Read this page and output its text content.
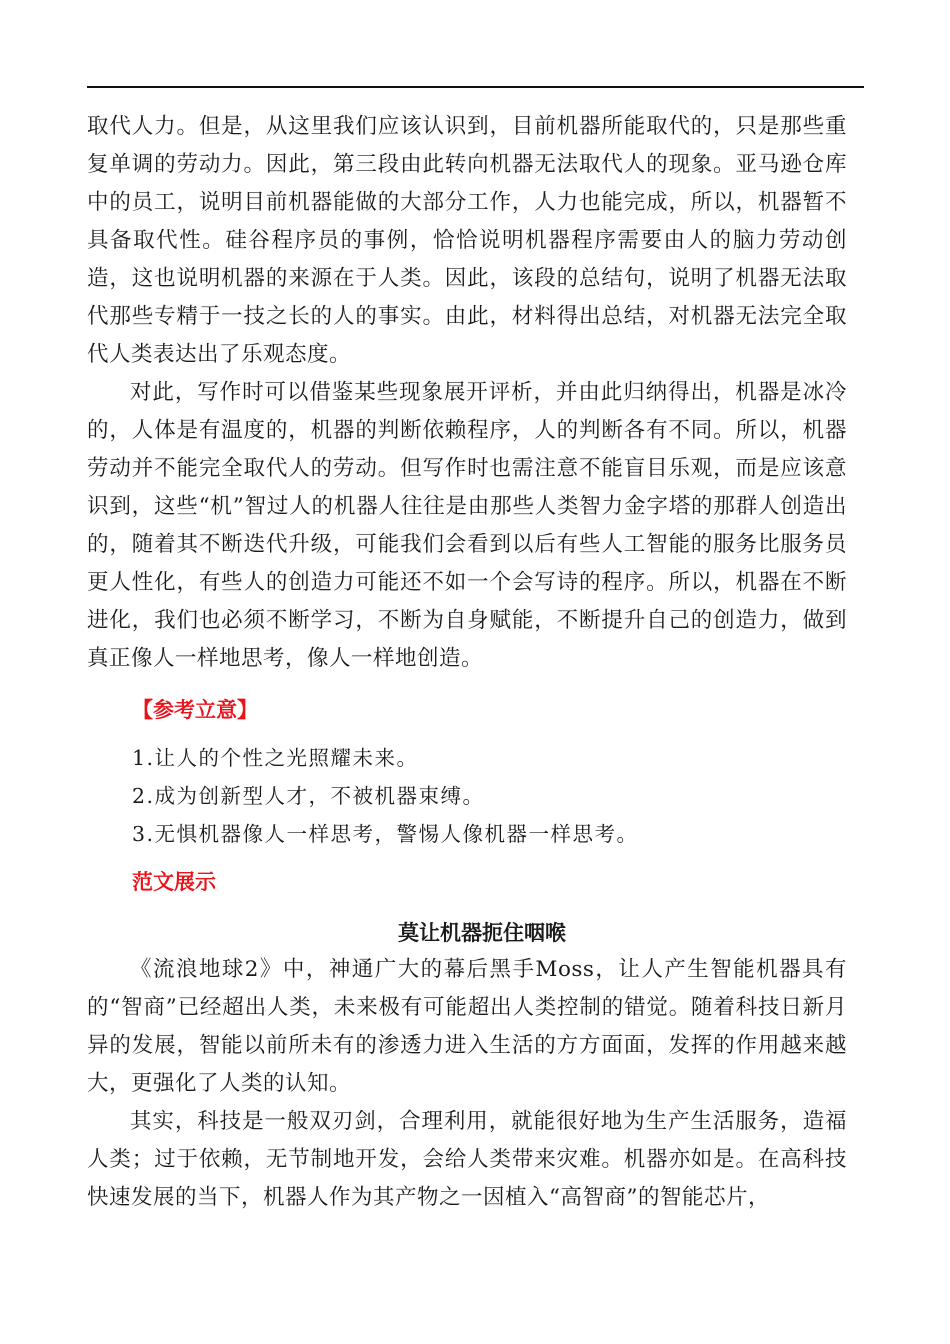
取代人力。但是，从这里我们应该认识到，目前机器所能取代的，只是那些重复单调的劳动力。因此，第三段由此转向机器无法取代人的现象。亚马逊仓库中的员工，说明目前机器能做的大部分工作，人力也能完成，所以，机器暂不具备取代性。硅谷程序员的事例，恰恰说明机器程序需要由人的脑力劳动创造，这也说明机器的来源在于人类。因此，该段的总结句，说明了机器无法取代那些专精于一技之长的人的事实。由此，材料得出总结，对机器无法完全取代人类表达出了乐观态度。

对此，写作时可以借鉴某些现象展开评析，并由此归纳得出，机器是冰冷的，人体是有温度的，机器的判断依赖程序，人的判断各有不同。所以，机器劳动并不能完全取代人的劳动。但写作时也需注意不能盲目乐观，而是应该意识到，这些“机”智过人的机器人往往是由那些人类智力金字塔的那群人创造出的，随着其不断迭代升级，可能我们会看到以后有些人工智能的服务比服务员更人性化，有些人的创造力可能还不如一个会写诗的程序。所以，机器在不断进化，我们也必须不断学习，不断为自身赋能，不断提升自己的创造力，做到真正像人一样地思考，像人一样地创造。

【参考立意】

1.让人的个性之光照耀未来。

2.成为创新型人才，不被机器束缚。

3.无惧机器像人一样思考，警惕人像机器一样思考。

范文展示

莫让机器扼住咽喉

《流浪地球2》中，神通广大的幕后黑手Moss，让人产生智能机器具有的“智商”已经超出人类，未来极有可能超出人类控制的错觉。随着科技日新月异的发展，智能以前所未有的渗透力进入生活的方方面面，发挥的作用越来越大，更强化了人类的认知。

其实，科技是一般双刃剑，合理利用，就能很好地为生产生活服务，造福人类；过于依赖，无节制地开发，会给人类带来灾难。机器亦如是。在高科技快速发展的当下，机器人作为其产物之一因植入“高智商”的智能芯片，
